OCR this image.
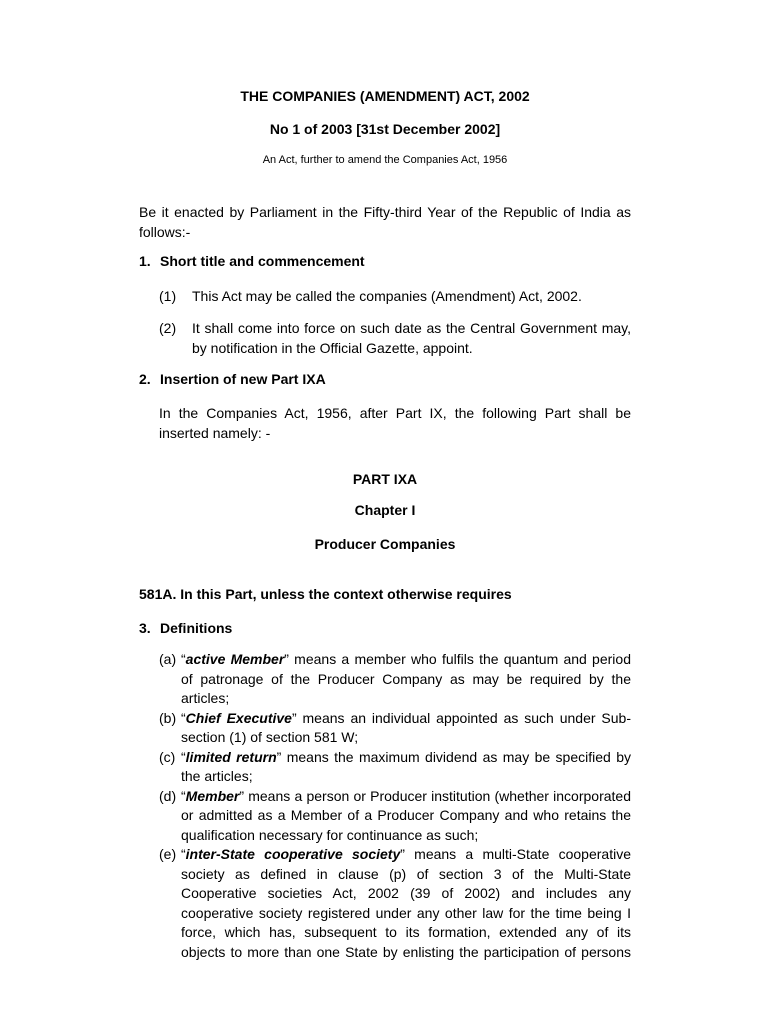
THE COMPANIES (AMENDMENT) ACT, 2002

No 1 of 2003 [31st December 2002]

An Act, further to amend the Companies Act, 1956

Be it enacted by Parliament in the Fifty-third Year of the Republic of India as follows:-

1. Short title and commencement
(1) This Act may be called the companies (Amendment) Act, 2002.
(2) It shall come into force on such date as the Central Government may, by notification in the Official Gazette, appoint.
2. Insertion of new Part IXA

In the Companies Act, 1956, after Part IX, the following Part shall be inserted namely: -

PART IXA

Chapter I

Producer Companies

581A. In this Part, unless the context otherwise requires

3. Definitions
(a) “active Member” means a member who fulfils the quantum and period of patronage of the Producer Company as may be required by the articles;
(b) “Chief Executive” means an individual appointed as such under Sub-section (1) of section 581 W;
(c) “limited return” means the maximum dividend as may be specified by the articles;
(d) “Member” means a person or Producer institution (whether incorporated or admitted as a Member of a Producer Company and who retains the qualification necessary for continuance as such;
(e) “inter-State cooperative society” means a multi-State cooperative society as defined in clause (p) of section 3 of the Multi-State Cooperative societies Act, 2002 (39 of 2002) and includes any cooperative society registered under any other law for the time being I force, which has, subsequent to its formation, extended any of its objects to more than one State by enlisting the participation of persons
